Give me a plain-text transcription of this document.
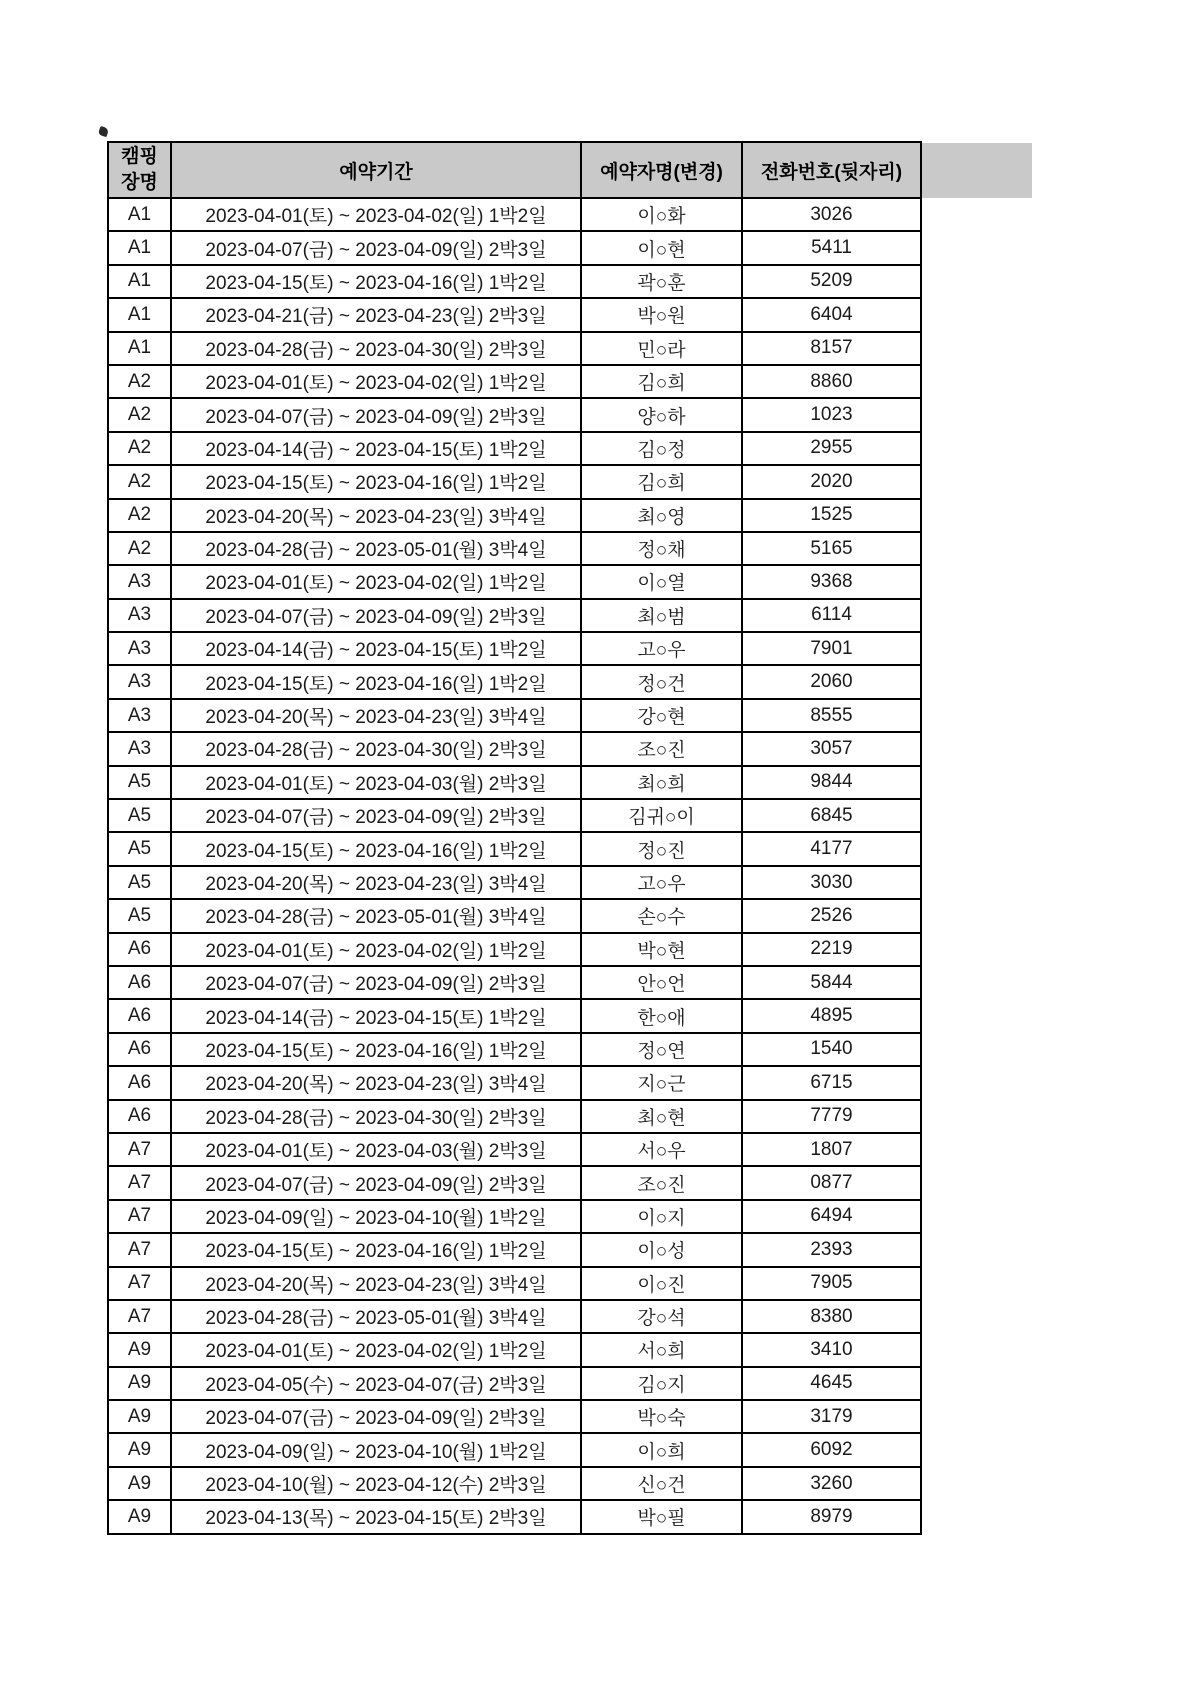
캠핑장명	예약기간	예약자명(변경)	전화번호(뒷자리)
A1	2023-04-01(토) ~ 2023-04-02(일) 1박2일	이○화	3026
A1	2023-04-07(금) ~ 2023-04-09(일) 2박3일	이○현	5411
A1	2023-04-15(토) ~ 2023-04-16(일) 1박2일	곽○훈	5209
A1	2023-04-21(금) ~ 2023-04-23(일) 2박3일	박○원	6404
A1	2023-04-28(금) ~ 2023-04-30(일) 2박3일	민○라	8157
A2	2023-04-01(토) ~ 2023-04-02(일) 1박2일	김○희	8860
A2	2023-04-07(금) ~ 2023-04-09(일) 2박3일	양○하	1023
A2	2023-04-14(금) ~ 2023-04-15(토) 1박2일	김○정	2955
A2	2023-04-15(토) ~ 2023-04-16(일) 1박2일	김○희	2020
A2	2023-04-20(목) ~ 2023-04-23(일) 3박4일	최○영	1525
A2	2023-04-28(금) ~ 2023-05-01(월) 3박4일	정○채	5165
A3	2023-04-01(토) ~ 2023-04-02(일) 1박2일	이○열	9368
A3	2023-04-07(금) ~ 2023-04-09(일) 2박3일	최○범	6114
A3	2023-04-14(금) ~ 2023-04-15(토) 1박2일	고○우	7901
A3	2023-04-15(토) ~ 2023-04-16(일) 1박2일	정○건	2060
A3	2023-04-20(목) ~ 2023-04-23(일) 3박4일	강○현	8555
A3	2023-04-28(금) ~ 2023-04-30(일) 2박3일	조○진	3057
A5	2023-04-01(토) ~ 2023-04-03(월) 2박3일	최○희	9844
A5	2023-04-07(금) ~ 2023-04-09(일) 2박3일	김귀○이	6845
A5	2023-04-15(토) ~ 2023-04-16(일) 1박2일	정○진	4177
A5	2023-04-20(목) ~ 2023-04-23(일) 3박4일	고○우	3030
A5	2023-04-28(금) ~ 2023-05-01(월) 3박4일	손○수	2526
A6	2023-04-01(토) ~ 2023-04-02(일) 1박2일	박○현	2219
A6	2023-04-07(금) ~ 2023-04-09(일) 2박3일	안○언	5844
A6	2023-04-14(금) ~ 2023-04-15(토) 1박2일	한○애	4895
A6	2023-04-15(토) ~ 2023-04-16(일) 1박2일	정○연	1540
A6	2023-04-20(목) ~ 2023-04-23(일) 3박4일	지○근	6715
A6	2023-04-28(금) ~ 2023-04-30(일) 2박3일	최○현	7779
A7	2023-04-01(토) ~ 2023-04-03(월) 2박3일	서○우	1807
A7	2023-04-07(금) ~ 2023-04-09(일) 2박3일	조○진	0877
A7	2023-04-09(일) ~ 2023-04-10(월) 1박2일	이○지	6494
A7	2023-04-15(토) ~ 2023-04-16(일) 1박2일	이○성	2393
A7	2023-04-20(목) ~ 2023-04-23(일) 3박4일	이○진	7905
A7	2023-04-28(금) ~ 2023-05-01(월) 3박4일	강○석	8380
A9	2023-04-01(토) ~ 2023-04-02(일) 1박2일	서○희	3410
A9	2023-04-05(수) ~ 2023-04-07(금) 2박3일	김○지	4645
A9	2023-04-07(금) ~ 2023-04-09(일) 2박3일	박○숙	3179
A9	2023-04-09(일) ~ 2023-04-10(월) 1박2일	이○희	6092
A9	2023-04-10(월) ~ 2023-04-12(수) 2박3일	신○건	3260
A9	2023-04-13(목) ~ 2023-04-15(토) 2박3일	박○필	8979
